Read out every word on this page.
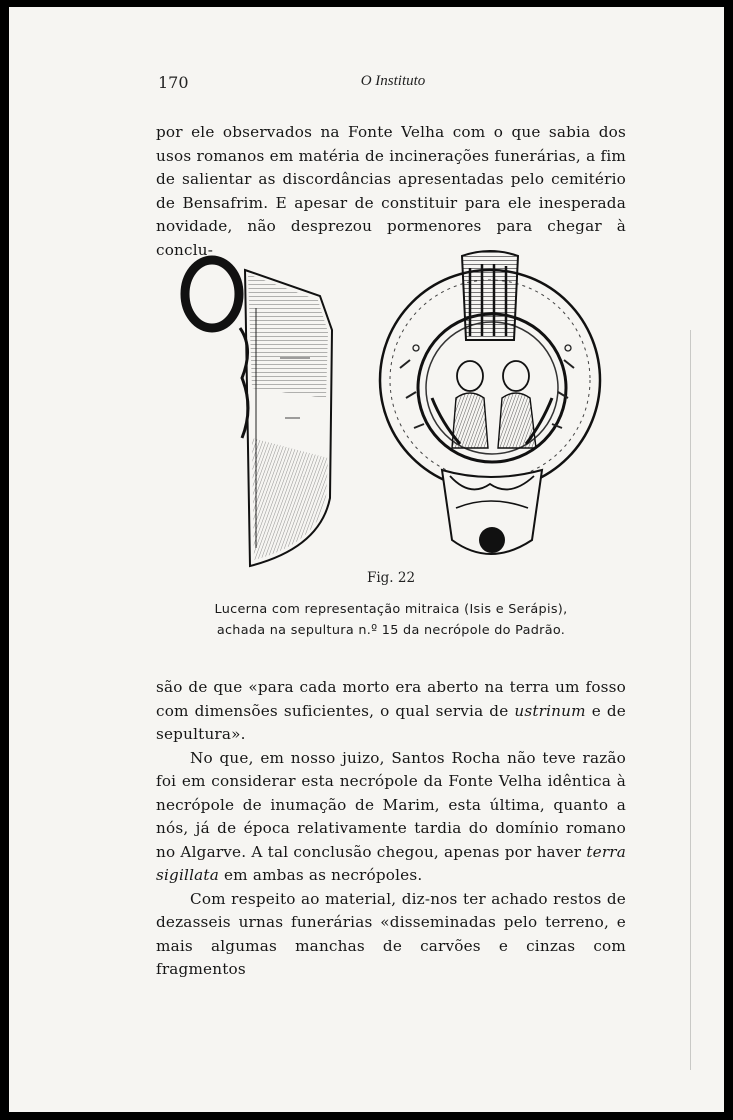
170	O Instituto

por ele observados na Fonte Velha com o que sabia dos usos romanos em matéria de incinerações funerárias, a fim de salientar as discordâncias apresentadas pelo cemitério de Bensafrim. E apesar de constituir para ele inesperada novidade, não desprezou pormenores para chegar à conclu-

Fig. 22
Lucerna com representação mitraica (Isis e Serápis),
achada na sepultura n.º 15 da necrópole do Padrão.

são de que «para cada morto era aberto na terra um fosso com dimensões suficientes, o qual servia de ustrinum e de sepultura».

No que, em nosso juizo, Santos Rocha não teve razão foi em considerar esta necrópole da Fonte Velha idêntica à necrópole de inumação de Marim, esta última, quanto a nós, já de época relativamente tardia do domínio romano no Algarve. A tal conclusão chegou, apenas por haver terra sigillata em ambas as necrópoles.

Com respeito ao material, diz-nos ter achado restos de dezasseis urnas funerárias «disseminadas pelo terreno, e mais algumas manchas de carvões e cinzas com fragmentos
